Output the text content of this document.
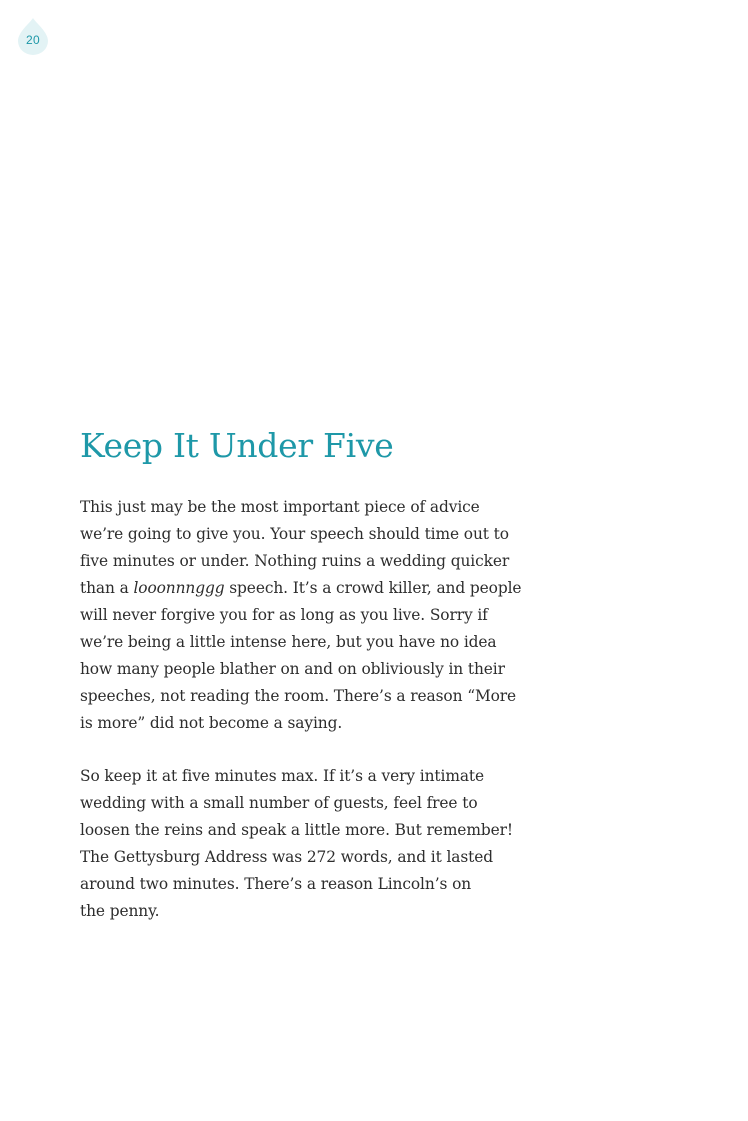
20
Keep It Under Five

This just may be the most important piece of advice
we’re going to give you. Your speech should time out to
five minutes or under. Nothing ruins a wedding quicker
than a looonnnggg speech. It’s a crowd killer, and people
will never forgive you for as long as you live. Sorry if
we’re being a little intense here, but you have no idea
how many people blather on and on obliviously in their
speeches, not reading the room. There’s a reason “More
is more” did not become a saying.

So keep it at five minutes max. If it’s a very intimate
wedding with a small number of guests, feel free to
loosen the reins and speak a little more. But remember!
The Gettysburg Address was 272 words, and it lasted
around two minutes. There’s a reason Lincoln’s on
the penny.
